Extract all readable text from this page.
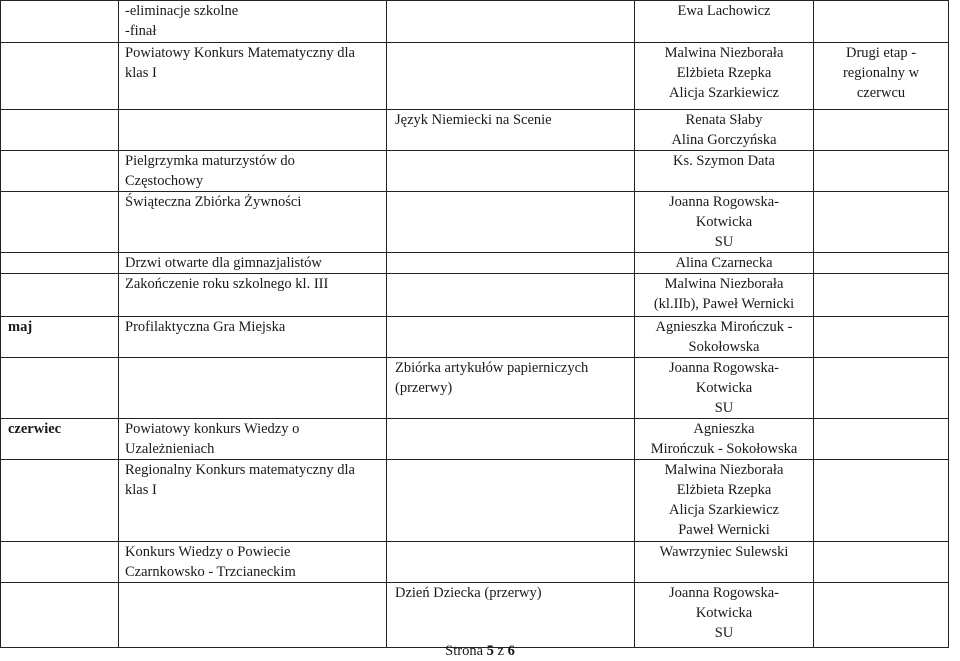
	-eliminacje szkolne
-finał		Ewa Lachowicz	

	Powiatowy Konkurs Matematyczny dla
klas I		Malwina Niezborała
Elżbieta Rzepka
Alicja Szarkiewicz	Drugi etap -
regionalny w
czerwcu

		Język Niemiecki na Scenie	Renata Słaby
Alina Gorczyńska	

	Pielgrzymka maturzystów do
Częstochowy		Ks. Szymon Data	

	Świąteczna Zbiórka Żywności		Joanna Rogowska-
Kotwicka
SU	

	Drzwi otwarte dla gimnazjalistów		Alina Czarnecka	

	Zakończenie roku szkolnego kl. III		Malwina Niezborała
(kl.IIb), Paweł Wernicki	

maj	Profilaktyczna Gra Miejska		Agnieszka Mirończuk -
Sokołowska	

		Zbiórka artykułów papierniczych
(przerwy)	Joanna Rogowska-
Kotwicka
SU	

czerwiec	Powiatowy konkurs Wiedzy o
Uzależnieniach		Agnieszka
Mirończuk - Sokołowska	

	Regionalny Konkurs matematyczny dla
klas I		Malwina Niezborała
Elżbieta Rzepka
Alicja Szarkiewicz
Paweł Wernicki	

	Konkurs Wiedzy o Powiecie
Czarnkowsko - Trzcianeckim		Wawrzyniec Sulewski	

		Dzień Dziecka (przerwy)	Joanna Rogowska-
Kotwicka
SU	

Strona 5 z 6
